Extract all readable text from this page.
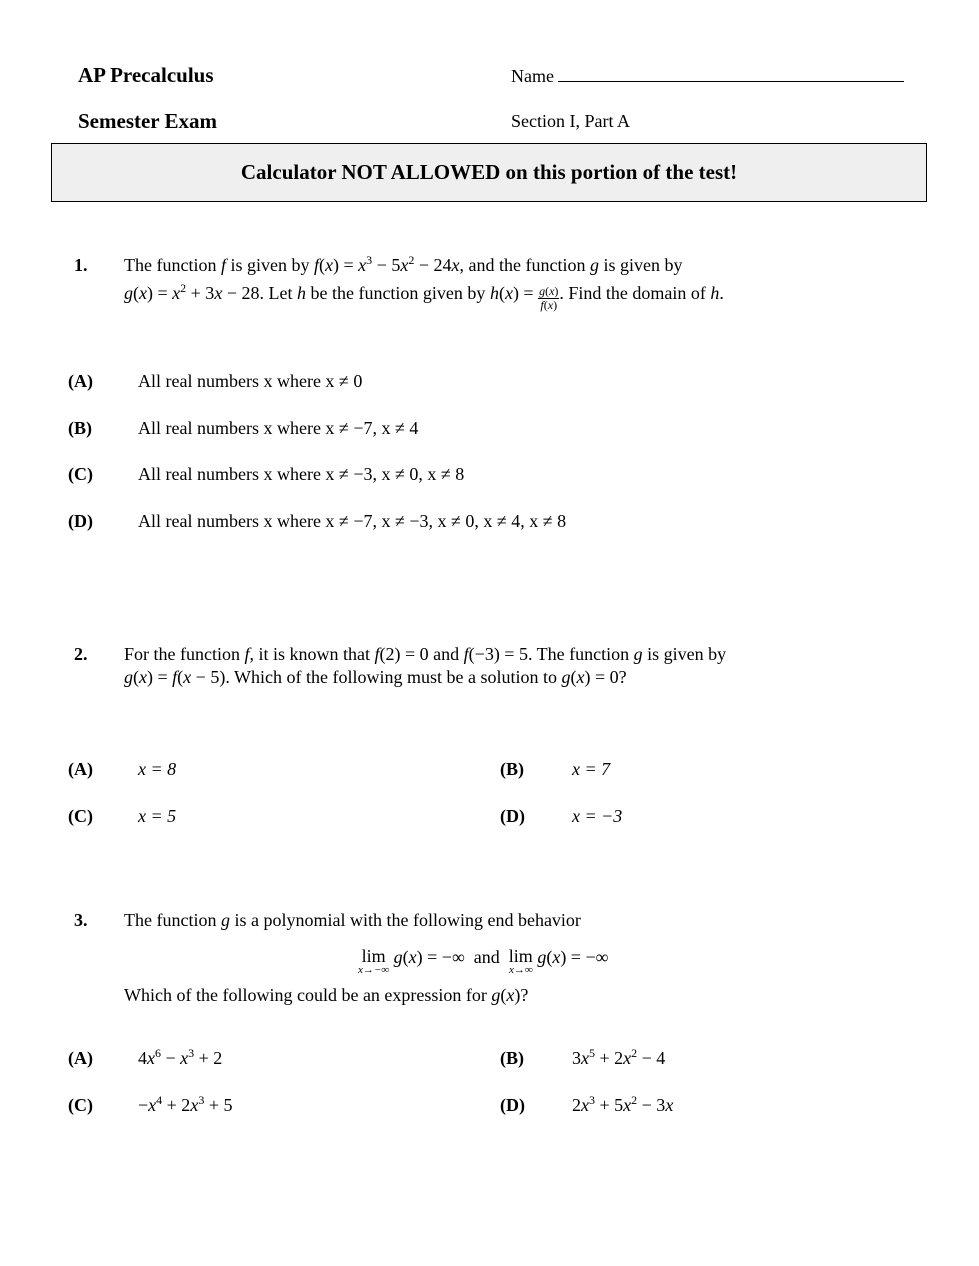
AP Precalculus
Semester Exam
Name
Section I, Part A
Calculator NOT ALLOWED on this portion of the test!
1. The function f is given by $f(x) = x^3 - 5x^2 - 24x$, and the function g is given by
$g(x) = x^2 + 3x - 28$. Let h be the function given by $h(x) = \frac{g(x)}{f(x)}$ . Find the domain of h.
(A)	All real numbers x where x ≠ 0
(B)	All real numbers x where x ≠ −7, x ≠ 4
(C)	All real numbers x where x ≠ −3, x ≠ 0, x ≠ 8
(D)	All real numbers x where x ≠ −7, x ≠ −3, x ≠ 0, x ≠ 4, x ≠ 8
2. For the function f, it is known that f(2) = 0 and f(−3) = 5. The function g is given by
g(x) = f(x − 5). Which of the following must be a solution to g(x) = 0?
(A)	x = 8	(B)	x = 7
(C)	x = 5	(D)	x = −3
3. The function g is a polynomial with the following end behavior
lim
x→−∞
g(x) = −∞ and lim
x→∞
g(x) = −∞
Which of the following could be an expression for g(x)?
(A)	$4x^6 - x^3 + 2$	(B)	$3x^5 + 2x^2 - 4$
(C)	$-x^4 + 2x^3 + 5$	(D)	$2x^3 + 5x^2 - 3x$
